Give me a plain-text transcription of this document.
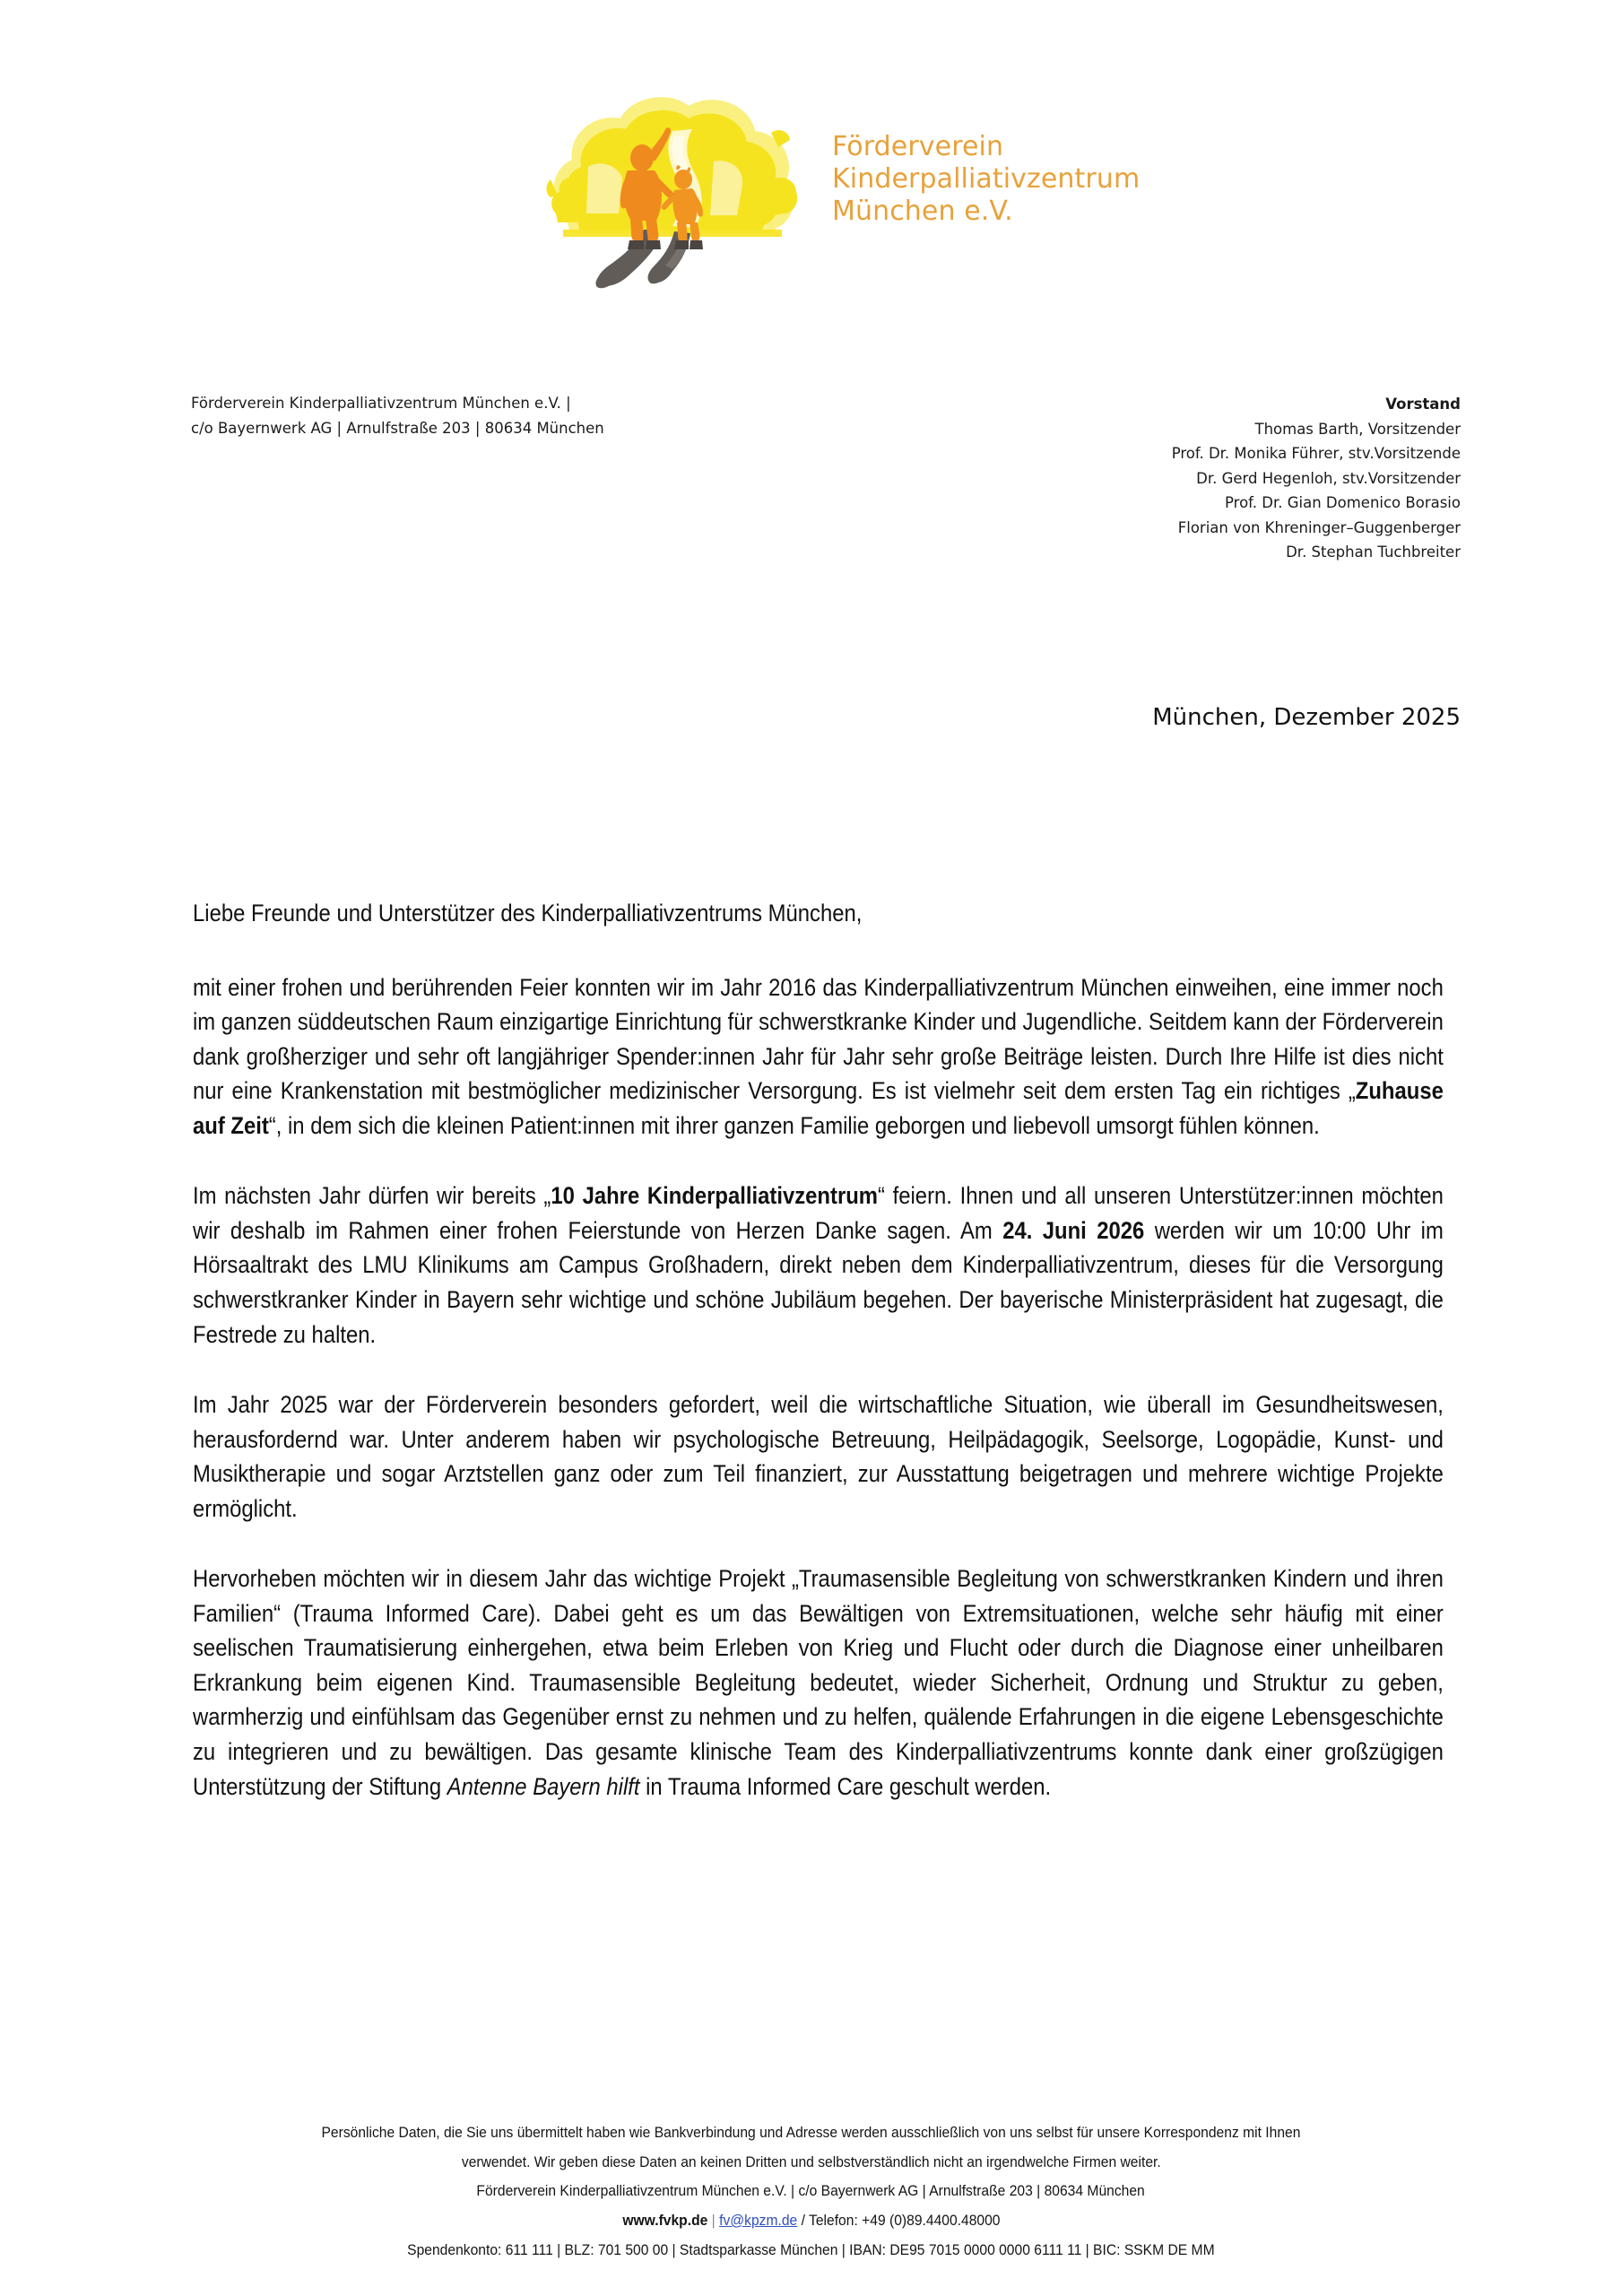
Förderverein
Kinderpalliativzentrum
München e.V.
Förderverein Kinderpalliativzentrum München e.V. |
c/o Bayernwerk AG | Arnulfstraße 203 | 80634 München
Vorstand
Thomas Barth, Vorsitzender
Prof. Dr. Monika Führer, stv.Vorsitzende
Dr. Gerd Hegenloh, stv.Vorsitzender
Prof. Dr. Gian Domenico Borasio
Florian von Khreninger–Guggenberger
Dr. Stephan Tuchbreiter
München, Dezember 2025
Liebe Freunde und Unterstützer des Kinderpalliativzentrums München,

mit einer frohen und berührenden Feier konnten wir im Jahr 2016 das Kinderpalliativzentrum München einweihen, eine immer noch im ganzen süddeutschen Raum einzigartige Einrichtung für schwerstkranke Kinder und Jugendliche. Seitdem kann der Förderverein dank großherziger und sehr oft langjähriger Spender:innen Jahr für Jahr sehr große Beiträge leisten. Durch Ihre Hilfe ist dies nicht nur eine Krankenstation mit bestmöglicher medizinischer Versorgung. Es ist vielmehr seit dem ersten Tag ein richtiges „Zuhause auf Zeit“, in dem sich die kleinen Patient:innen mit ihrer ganzen Familie geborgen und liebevoll umsorgt fühlen können.

Im nächsten Jahr dürfen wir bereits „10 Jahre Kinderpalliativzentrum“ feiern. Ihnen und all unseren Unterstützer:innen möchten wir deshalb im Rahmen einer frohen Feierstunde von Herzen Danke sagen. Am 24. Juni 2026 werden wir um 10:00 Uhr im Hörsaaltrakt des LMU Klinikums am Campus Großhadern, direkt neben dem Kinderpalliativzentrum, dieses für die Versorgung schwerstkranker Kinder in Bayern sehr wichtige und schöne Jubiläum begehen. Der bayerische Ministerpräsident hat zugesagt, die Festrede zu halten.

Im Jahr 2025 war der Förderverein besonders gefordert, weil die wirtschaftliche Situation, wie überall im Gesundheitswesen, herausfordernd war. Unter anderem haben wir psychologische Betreuung, Heilpädagogik, Seelsorge, Logopädie, Kunst- und Musiktherapie und sogar Arztstellen ganz oder zum Teil finanziert, zur Ausstattung beigetragen und mehrere wichtige Projekte ermöglicht.

Hervorheben möchten wir in diesem Jahr das wichtige Projekt „Traumasensible Begleitung von schwerstkranken Kindern und ihren Familien“ (Trauma Informed Care). Dabei geht es um das Bewältigen von Extremsituationen, welche sehr häufig mit einer seelischen Traumatisierung einhergehen, etwa beim Erleben von Krieg und Flucht oder durch die Diagnose einer unheilbaren Erkrankung beim eigenen Kind. Traumasensible Begleitung bedeutet, wieder Sicherheit, Ordnung und Struktur zu geben, warmherzig und einfühlsam das Gegenüber ernst zu nehmen und zu helfen, quälende Erfahrungen in die eigene Lebensgeschichte zu integrieren und zu bewältigen. Das gesamte klinische Team des Kinderpalliativzentrums konnte dank einer großzügigen Unterstützung der Stiftung Antenne Bayern hilft in Trauma Informed Care geschult werden.

Persönliche Daten, die Sie uns übermittelt haben wie Bankverbindung und Adresse werden ausschließlich von uns selbst für unsere Korrespondenz mit Ihnen
verwendet. Wir geben diese Daten an keinen Dritten und selbstverständlich nicht an irgendwelche Firmen weiter.
Förderverein Kinderpalliativzentrum München e.V. | c/o Bayernwerk AG | Arnulfstraße 203 | 80634 München
www.fvkp.de | fv@kpzm.de / Telefon: +49 (0)89.4400.48000
Spendenkonto: 611 111 | BLZ: 701 500 00 | Stadtsparkasse München | IBAN: DE95 7015 0000 0000 6111 11 | BIC: SSKM DE MM
